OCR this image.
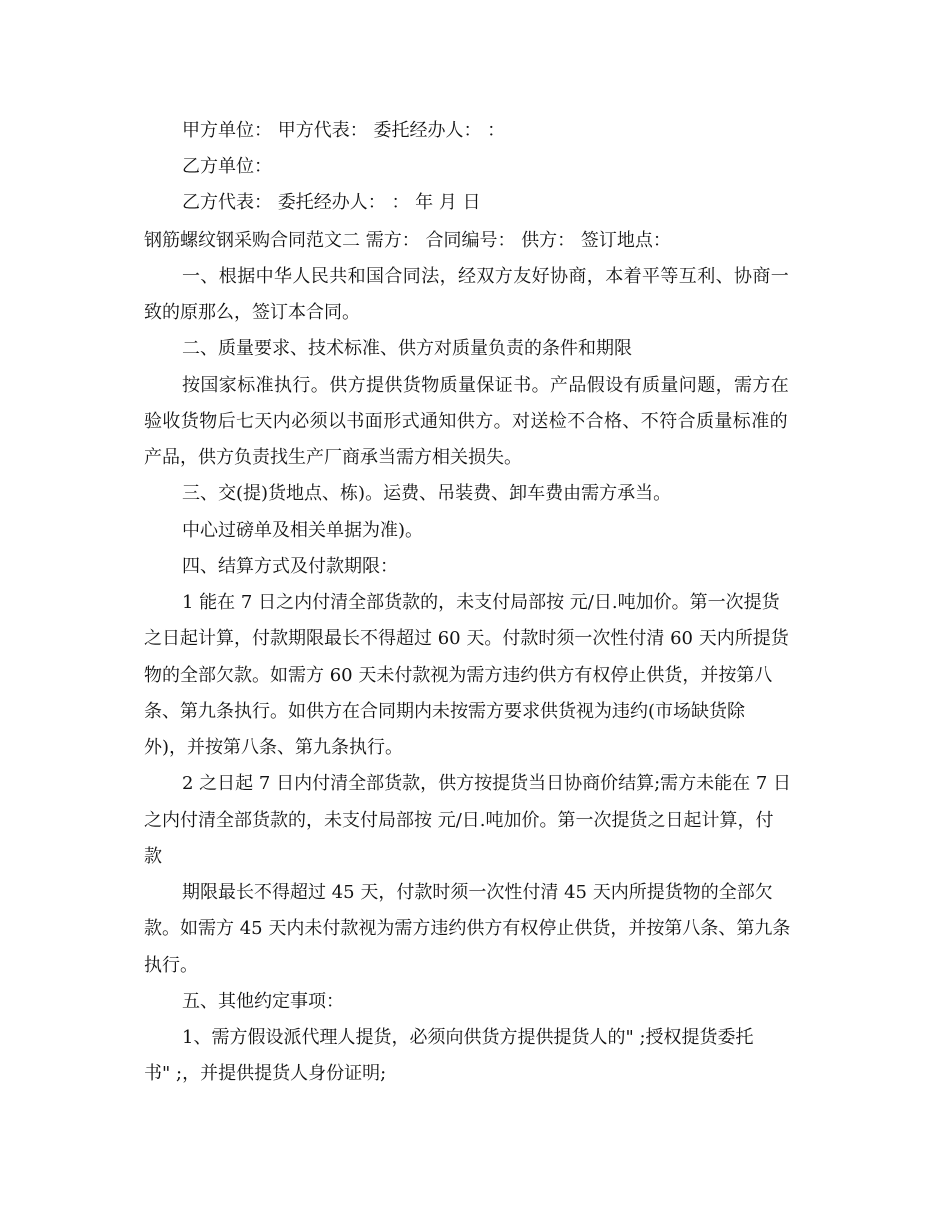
甲方单位： 甲方代表： 委托经办人： ：
乙方单位：
乙方代表： 委托经办人： ： 年 月 日
钢筋螺纹钢采购合同范文二 需方： 合同编号： 供方： 签订地点：
一、根据中华人民共和国合同法，经双方友好协商，本着平等互利、协商一
致的原那么，签订本合同。
二、质量要求、技术标准、供方对质量负责的条件和期限
按国家标准执行。供方提供货物质量保证书。产品假设有质量问题，需方在
验收货物后七天内必须以书面形式通知供方。对送检不合格、不符合质量标准的
产品，供方负责找生产厂商承当需方相关损失。
三、交(提)货地点、栋)。运费、吊装费、卸车费由需方承当。
中心过磅单及相关单据为准)。
四、结算方式及付款期限：
1 能在 7 日之内付清全部货款的，未支付局部按 元/日.吨加价。第一次提货
之日起计算，付款期限最长不得超过 60 天。付款时须一次性付清 60 天内所提货
物的全部欠款。如需方 60 天未付款视为需方违约供方有权停止供货，并按第八
条、第九条执行。如供方在合同期内未按需方要求供货视为违约(市场缺货除
外)，并按第八条、第九条执行。
2 之日起 7 日内付清全部货款，供方按提货当日协商价结算;需方未能在 7 日
之内付清全部货款的，未支付局部按 元/日.吨加价。第一次提货之日起计算，付
款
期限最长不得超过 45 天，付款时须一次性付清 45 天内所提货物的全部欠
款。如需方 45 天内未付款视为需方违约供方有权停止供货，并按第八条、第九条
执行。
五、其他约定事项：
1、需方假设派代理人提货，必须向供货方提供提货人的" ;授权提货委托
书" ;，并提供提货人身份证明;
